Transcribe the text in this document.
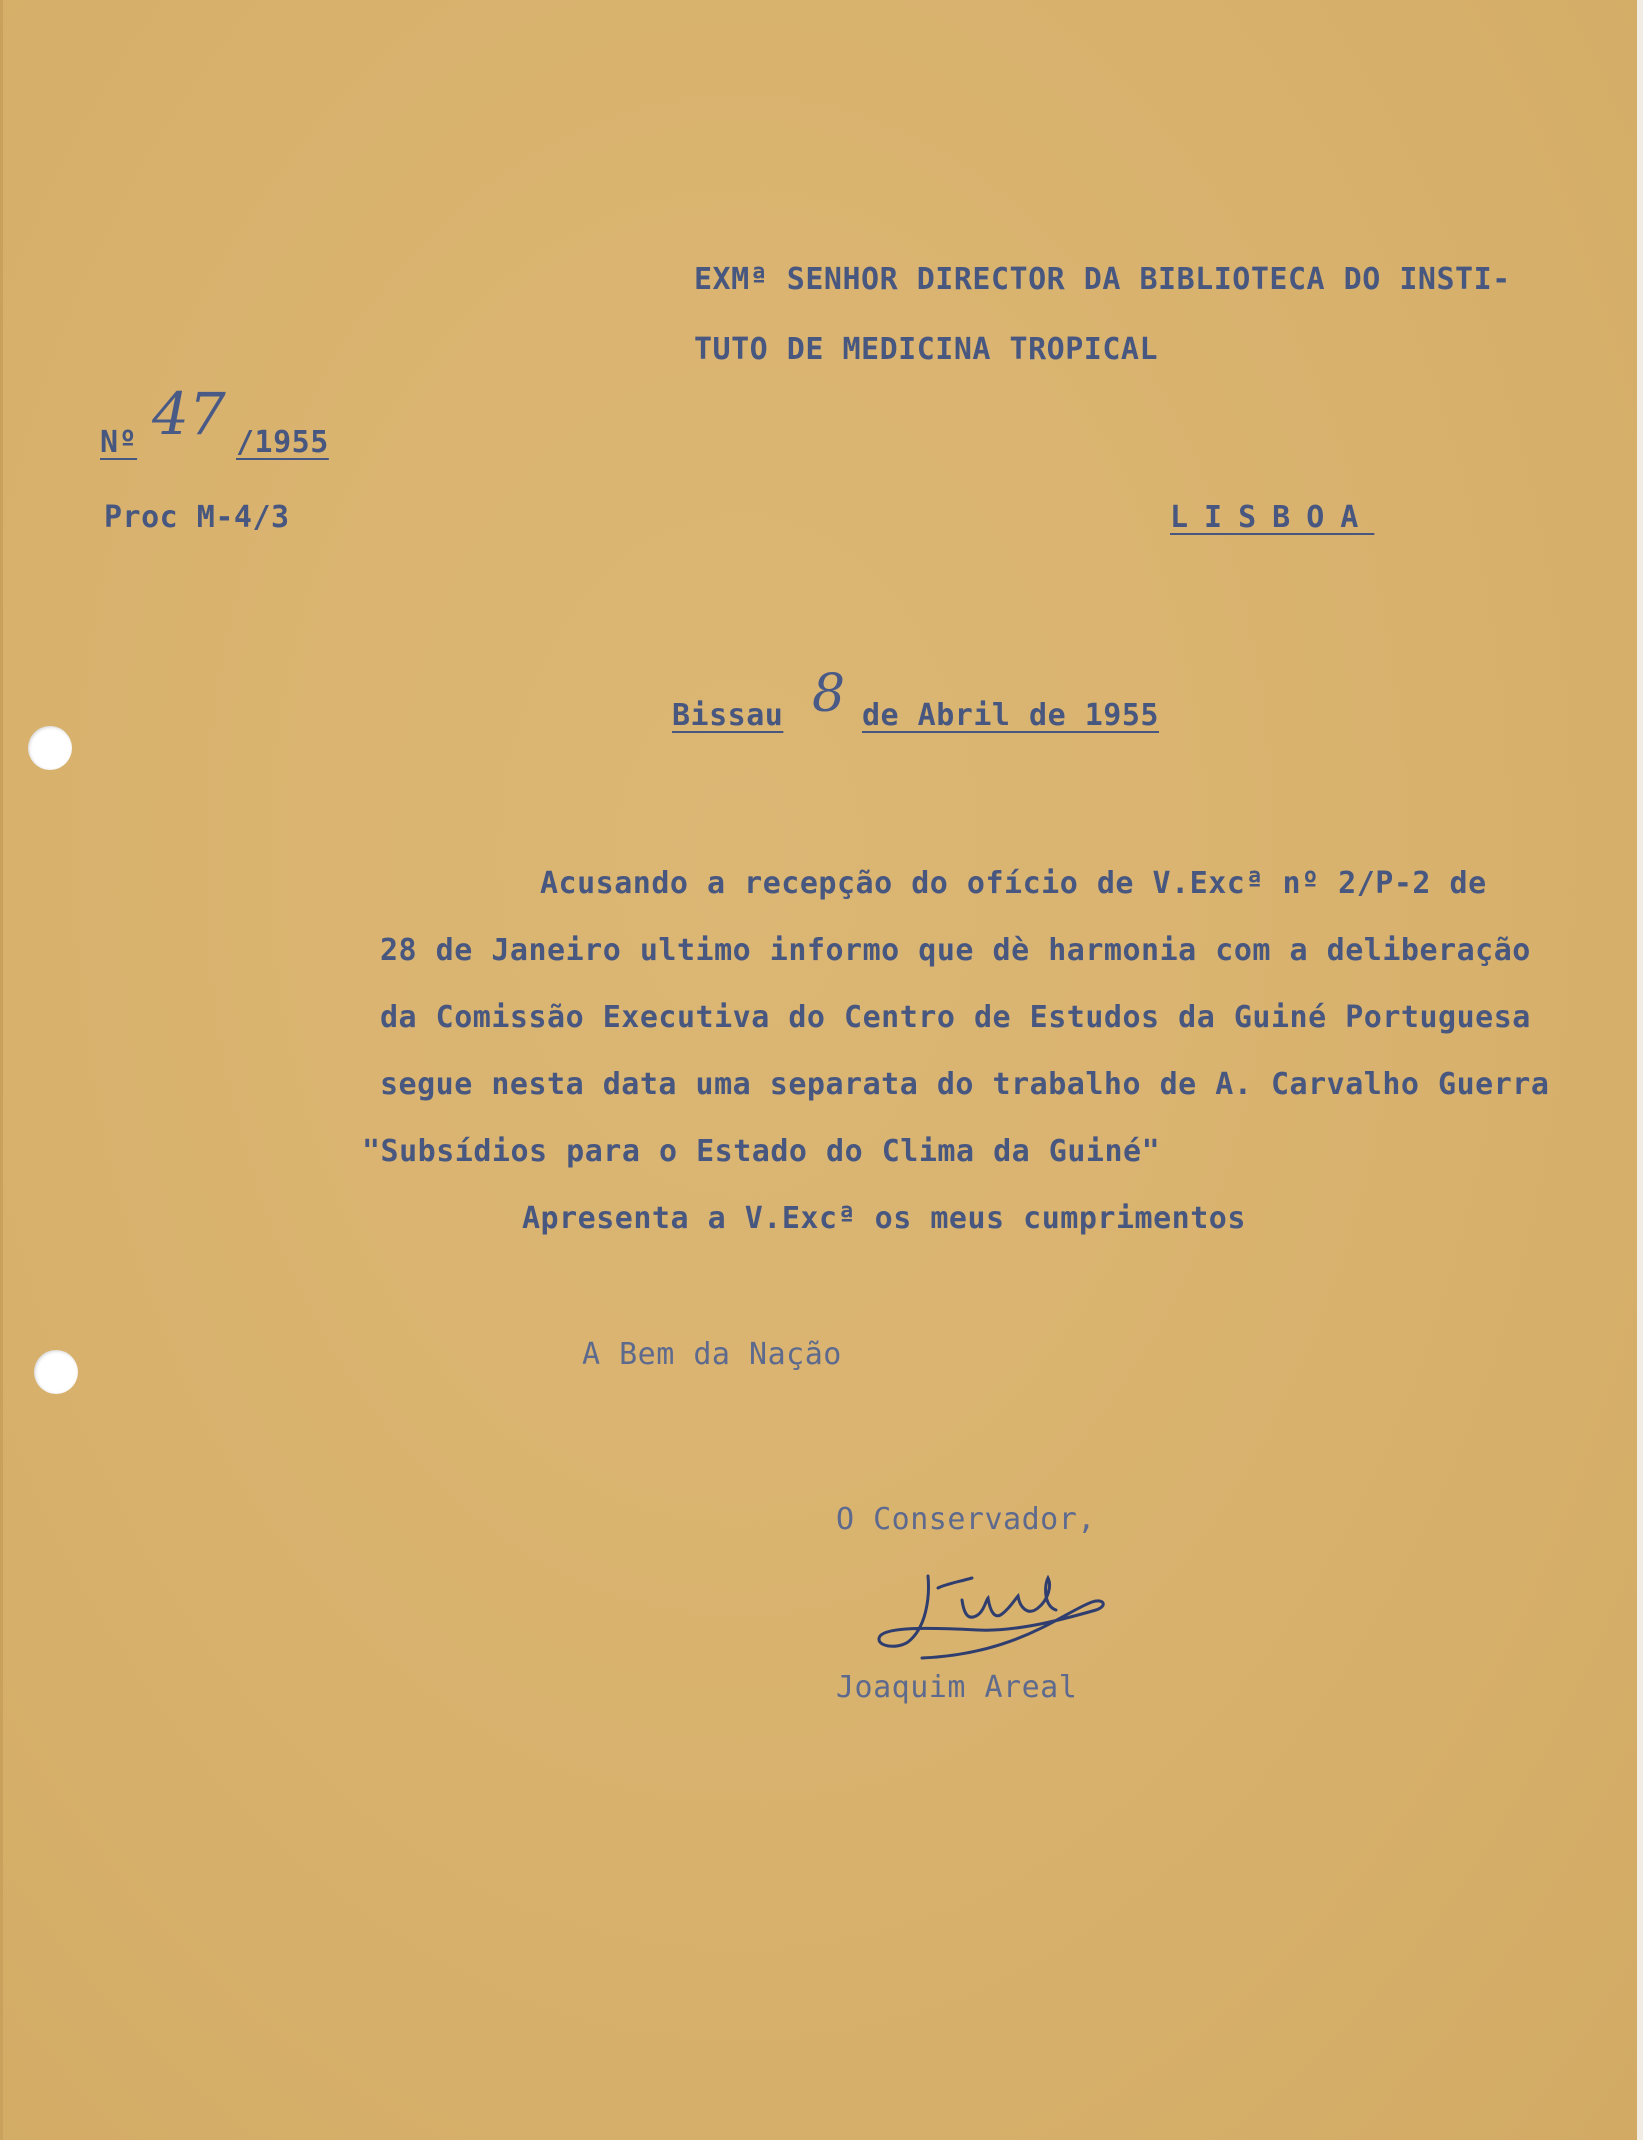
EXMª SENHOR DIRECTOR DA BIBLIOTECA DO INSTI-
TUTO DE MEDICINA TROPICAL
Nº 47 /1955
Proc M-4/3	LISBOA
Bissau 8 de Abril de 1955
Acusando a recepção do ofício de V.Excª nº 2/P-2 de
28 de Janeiro ultimo informo que dè harmonia com a deliberação
da Comissão Executiva do Centro de Estudos da Guiné Portuguesa
segue nesta data uma separata do trabalho de A. Carvalho Guerra
"Subsídios para o Estado do Clima da Guiné"
Apresenta a V.Excª os meus cumprimentos
A Bem da Nação
O Conservador,
Joaquim Areal
